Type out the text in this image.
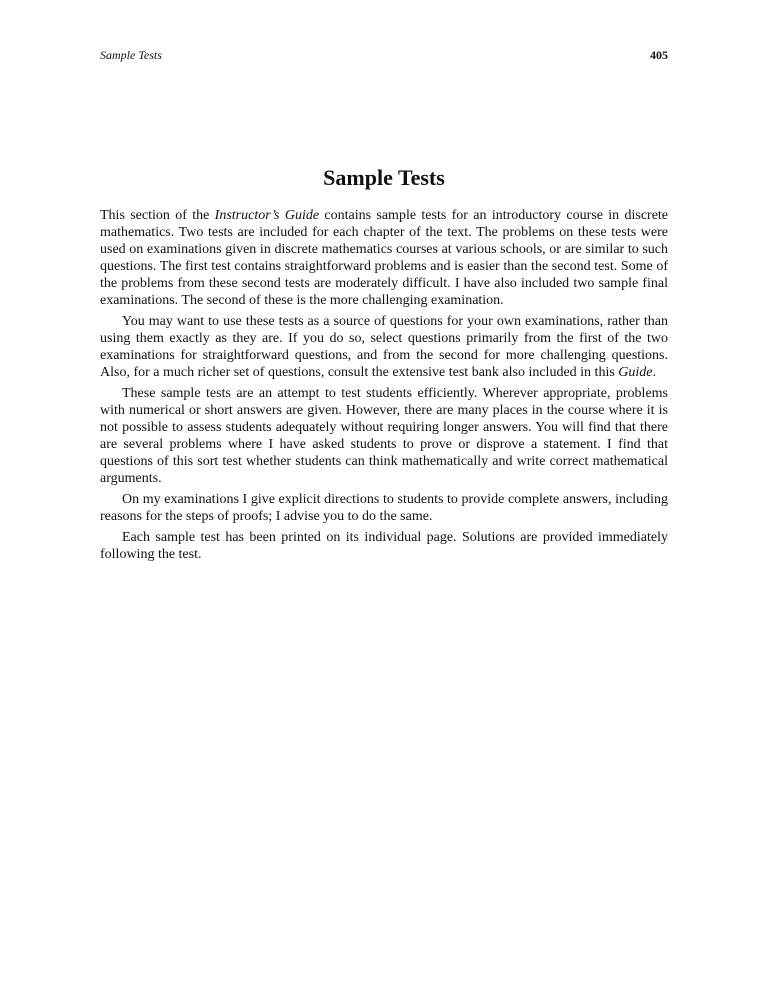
Sample Tests	405
Sample Tests

This section of the Instructor’s Guide contains sample tests for an introductory course in discrete mathematics. Two tests are included for each chapter of the text. The problems on these tests were used on examinations given in discrete mathematics courses at various schools, or are similar to such questions. The first test contains straightforward problems and is easier than the second test. Some of the problems from these second tests are moderately difficult. I have also included two sample final examinations. The second of these is the more challenging examination.

You may want to use these tests as a source of questions for your own examinations, rather than using them exactly as they are. If you do so, select questions primarily from the first of the two examinations for straightforward questions, and from the second for more challenging questions. Also, for a much richer set of questions, consult the extensive test bank also included in this Guide.

These sample tests are an attempt to test students efficiently. Wherever appropriate, problems with numerical or short answers are given. However, there are many places in the course where it is not possible to assess students adequately without requiring longer answers. You will find that there are several problems where I have asked students to prove or disprove a statement. I find that questions of this sort test whether students can think mathematically and write correct mathematical arguments.

On my examinations I give explicit directions to students to provide complete answers, including reasons for the steps of proofs; I advise you to do the same.

Each sample test has been printed on its individual page. Solutions are provided immediately following the test.
